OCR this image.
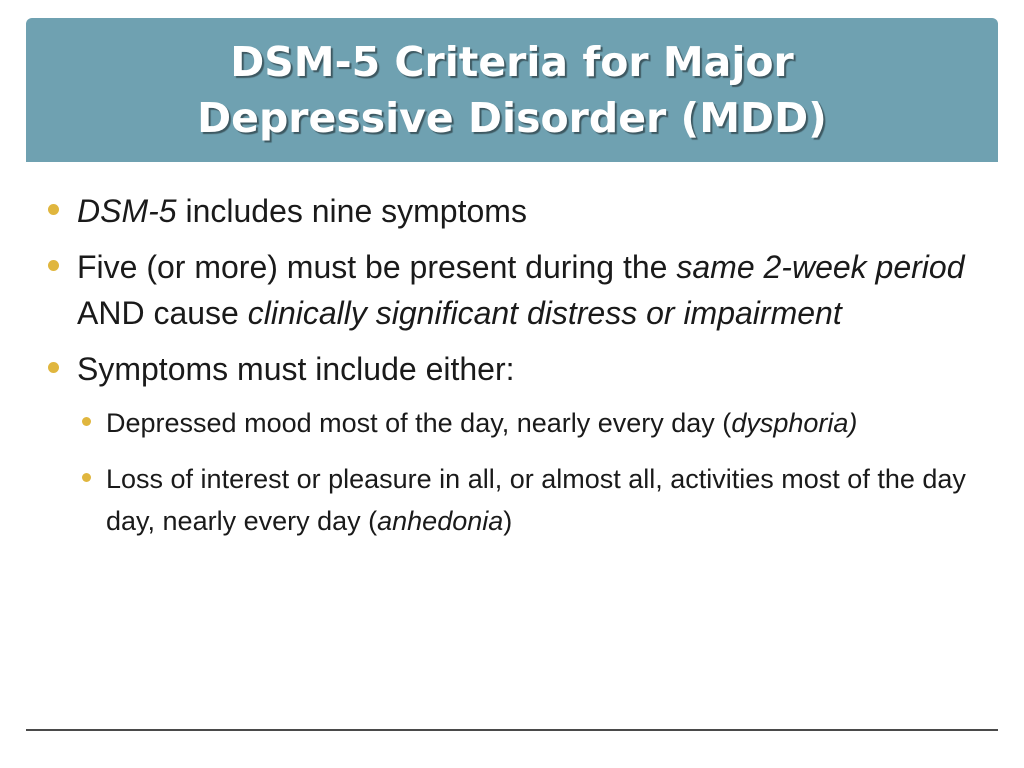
DSM-5 Criteria for Major
Depressive Disorder (MDD)
DSM-5 includes nine symptoms
Five (or more) must be present during the same 2-week period AND cause clinically significant distress or impairment
Symptoms must include either:
Depressed mood most of the day, nearly every day (dysphoria)
Loss of interest or pleasure in all, or almost all, activities most of the day day, nearly every day (anhedonia)
